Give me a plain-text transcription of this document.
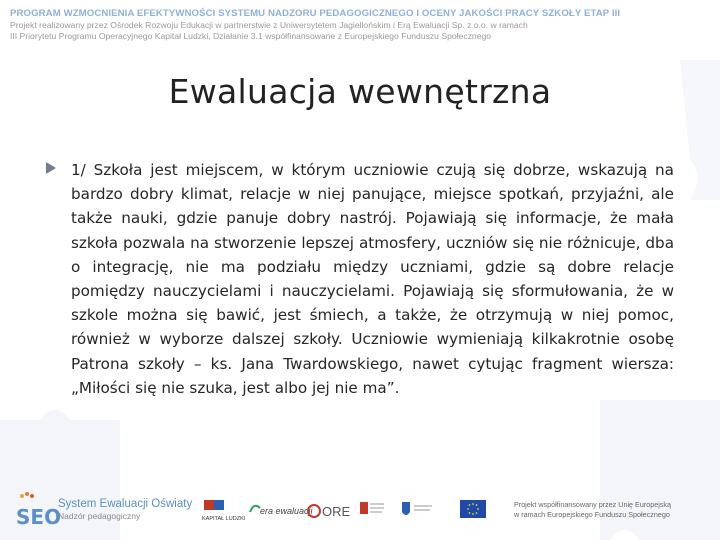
PROGRAM WZMOCNIENIA EFEKTYWNOŚCI SYSTEMU NADZORU PEDAGOGICZNEGO I OCENY JAKOŚCI PRACY SZKOŁY ETAP III
Projekt realizowany przez Ośrodek Rozwoju Edukacji w partnerstwie z Uniwersytetem Jagiellońskim i Erą Ewaluacji Sp. z o.o. w ramach
III Priorytetu Programu Operacyjnego Kapitał Ludzki, Działanie 3.1 współfinansowane z Europejskiego Funduszu Społecznego
Ewaluacja wewnętrzna
1/ Szkoła jest miejscem, w którym uczniowie czują się dobrze, wskazują na bardzo dobry klimat, relacje w niej panujące, miejsce spotkań, przyjaźni, ale także nauki, gdzie panuje dobry nastrój. Pojawiają się informacje, że mała szkoła pozwala na stworzenie lepszej atmosfery, uczniów się nie różnicuje, dba o integrację, nie ma podziału między uczniami, gdzie są dobre relacje pomiędzy nauczycielami i nauczycielami. Pojawiają się sformułowania, że w szkole można się bawić, jest śmiech, a także, że otrzymują w niej pomoc, również w wyborze dalszej szkoły. Uczniowie wymieniają kilkakrotnie osobę Patrona szkoły – ks. Jana Twardowskiego, nawet cytując fragment wiersza: „Miłości się nie szuka, jest albo jej nie ma”.
SEO
System Ewaluacji Oświaty
Nadzór pedagogiczny	KAPITAŁ LUDZKI
era ewaluacji ORE	Projekt współfinansowany przez Unię Europejską
w ramach Europejskiego Funduszu Społecznego
